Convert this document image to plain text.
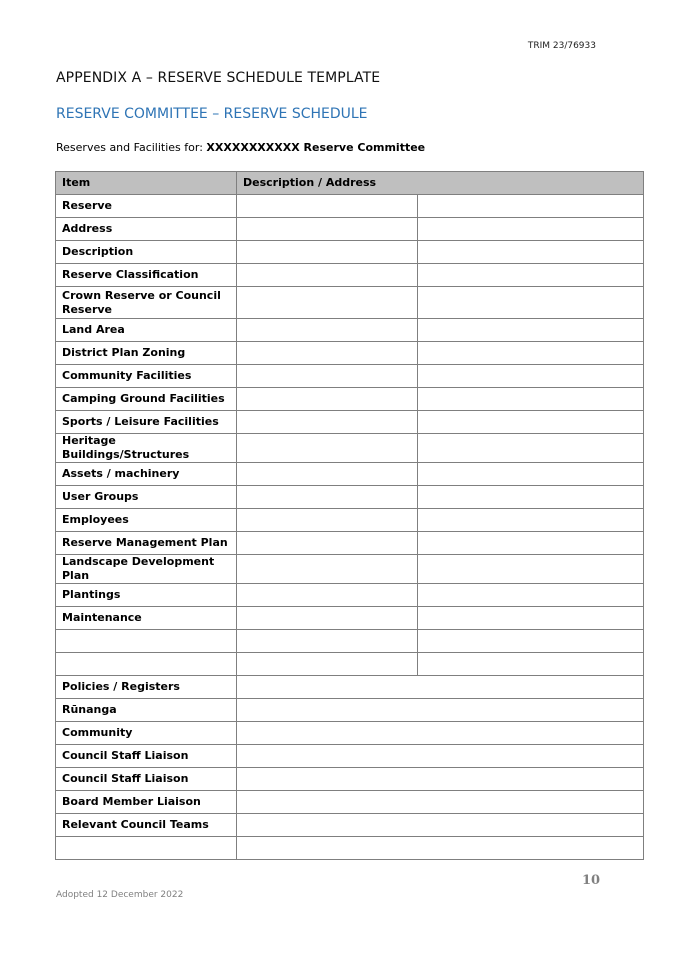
TRIM 23/76933
APPENDIX A – RESERVE SCHEDULE TEMPLATE
RESERVE COMMITTEE – RESERVE SCHEDULE
Reserves and Facilities for: XXXXXXXXXXX Reserve Committee
Item	Description / Address	
Reserve		
Address		
Description		
Reserve Classification		
Crown Reserve or Council Reserve		
Land Area		
District Plan Zoning		
Community Facilities		
Camping Ground Facilities		
Sports / Leisure Facilities		
Heritage Buildings/Structures		
Assets / machinery		
User Groups		
Employees		
Reserve Management Plan		
Landscape Development Plan		
Plantings		
Maintenance		

Policies / Registers		
Rūnanga		
Community		
Council Staff Liaison		
Council Staff Liaison		
Board Member Liaison		
Relevant Council Teams		

10
Adopted 12 December 2022
